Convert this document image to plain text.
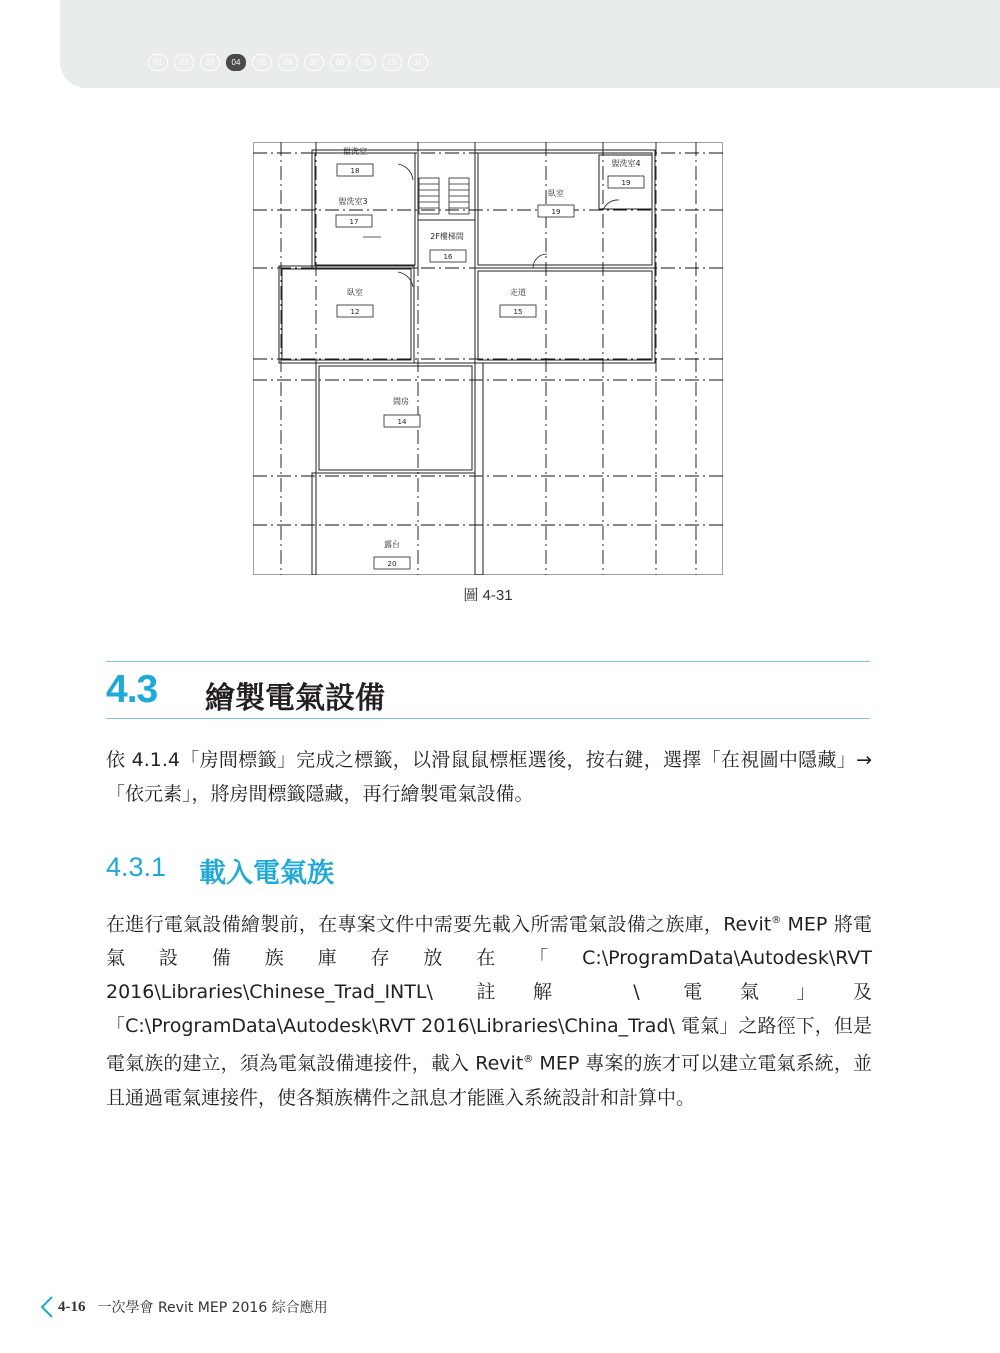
01	02	03	04	05	06	07	08	09	10	11
盥洗室
18
盥洗室3
17
2F樓梯間
16
臥室
19
盥洗室4
19
臥室
12
走道
15
間房
14
露台
20
圖 4-31
4.3 繪製電氣設備

依 4.1.4「房間標籤」完成之標籤，以滑鼠鼠標框選後，按右鍵，選擇「在視圖中隱藏」→「依元素」，將房間標籤隱藏，再行繪製電氣設備。

4.3.1 載入電氣族

在進行電氣設備繪製前，在專案文件中需要先載入所需電氣設備之族庫，Revit® MEP 將電氣設備族庫存放在「C:\ProgramData\Autodesk\RVT 2016\Libraries\Chinese_Trad_INTL\ 註解 \ 電氣」及「C:\ProgramData\Autodesk\RVT 2016\Libraries\China_Trad\ 電氣」之路徑下，但是電氣族的建立，須為電氣設備連接件，載入 Revit® MEP 專案的族才可以建立電氣系統，並且通過電氣連接件，使各類族構件之訊息才能匯入系統設計和計算中。

4-16 一次學會 Revit MEP 2016 綜合應用
